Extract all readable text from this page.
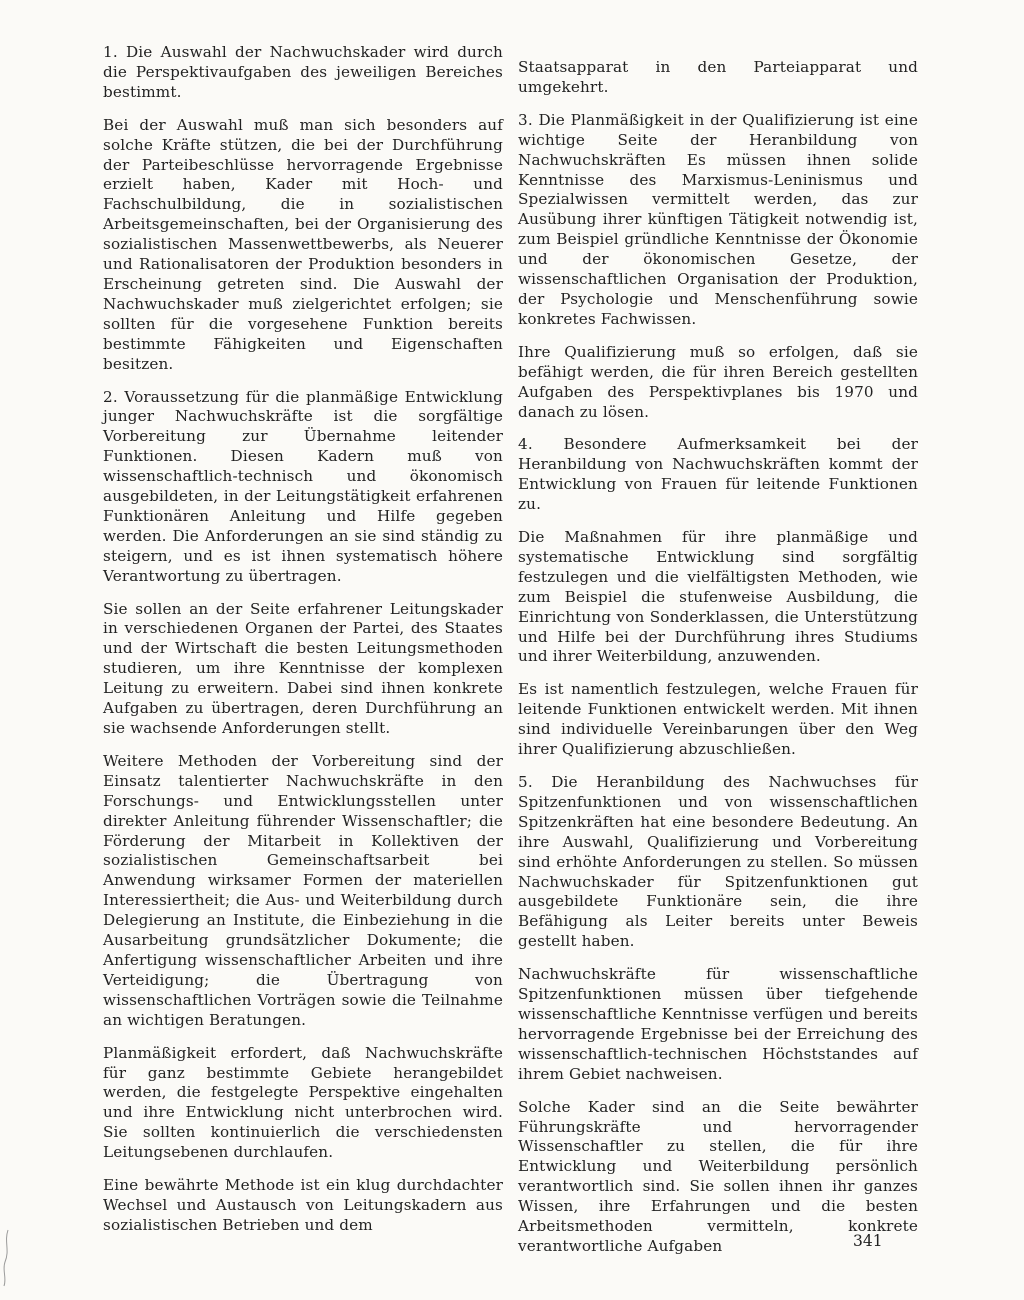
1. Die Auswahl der Nachwuchskader wird durch die Perspektivaufgaben des jeweiligen Bereiches bestimmt.

Bei der Auswahl muß man sich besonders auf solche Kräfte stützen, die bei der Durchführung der Parteibeschlüsse hervorragende Ergebnisse erzielt haben, Kader mit Hoch- und Fachschulbildung, die in sozialistischen Arbeitsgemeinschaften, bei der Organisierung des sozialistischen Massenwettbewerbs, als Neuerer und Rationalisatoren der Produktion besonders in Erscheinung getreten sind. Die Auswahl der Nachwuchskader muß zielgerichtet erfolgen; sie sollten für die vorgesehene Funktion bereits bestimmte Fähigkeiten und Eigenschaften besitzen.

2. Voraussetzung für die planmäßige Entwicklung junger Nachwuchskräfte ist die sorgfältige Vorbereitung zur Übernahme leitender Funktionen. Diesen Kadern muß von wissenschaftlich-technisch und ökonomisch ausgebildeten, in der Leitungstätigkeit erfahrenen Funktionären Anleitung und Hilfe gegeben werden. Die Anforderungen an sie sind ständig zu steigern, und es ist ihnen systematisch höhere Verantwortung zu übertragen.

Sie sollen an der Seite erfahrener Leitungskader in verschiedenen Organen der Partei, des Staates und der Wirtschaft die besten Leitungsmethoden studieren, um ihre Kenntnisse der komplexen Leitung zu erweitern. Dabei sind ihnen konkrete Aufgaben zu übertragen, deren Durchführung an sie wachsende Anforderungen stellt.

Weitere Methoden der Vorbereitung sind der Einsatz talentierter Nachwuchskräfte in den Forschungs- und Entwicklungsstellen unter direkter Anleitung führender Wissenschaftler; die Förderung der Mitarbeit in Kollektiven der sozialistischen Gemeinschaftsarbeit bei Anwendung wirksamer Formen der materiellen Interessiertheit; die Aus- und Weiterbildung durch Delegierung an Institute, die Einbeziehung in die Ausarbeitung grundsätzlicher Dokumente; die Anfertigung wissenschaftlicher Arbeiten und ihre Verteidigung; die Übertragung von wissenschaftlichen Vorträgen sowie die Teilnahme an wichtigen Beratungen.

Planmäßigkeit erfordert, daß Nachwuchskräfte für ganz bestimmte Gebiete herangebildet werden, die festgelegte Perspektive eingehalten und ihre Entwicklung nicht unterbrochen wird. Sie sollten kontinuierlich die verschiedensten Leitungsebenen durchlaufen.

Eine bewährte Methode ist ein klug durchdachter Wechsel und Austausch von Leitungskadern aus sozialistischen Betrieben und dem

Staatsapparat in den Parteiapparat und umgekehrt.

3. Die Planmäßigkeit in der Qualifizierung ist eine wichtige Seite der Heranbildung von Nachwuchskräften Es müssen ihnen solide Kenntnisse des Marxismus-Leninismus und Spezialwissen vermittelt werden, das zur Ausübung ihrer künftigen Tätigkeit notwendig ist, zum Beispiel gründliche Kenntnisse der Ökonomie und der ökonomischen Gesetze, der wissenschaftlichen Organisation der Produktion, der Psychologie und Menschenführung sowie konkretes Fachwissen.

Ihre Qualifizierung muß so erfolgen, daß sie befähigt werden, die für ihren Bereich gestellten Aufgaben des Perspektivplanes bis 1970 und danach zu lösen.

4. Besondere Aufmerksamkeit bei der Heranbildung von Nachwuchskräften kommt der Entwicklung von Frauen für leitende Funktionen zu.

Die Maßnahmen für ihre planmäßige und systematische Entwicklung sind sorgfältig festzulegen und die vielfältigsten Methoden, wie zum Beispiel die stufenweise Ausbildung, die Einrichtung von Sonderklassen, die Unterstützung und Hilfe bei der Durchführung ihres Studiums und ihrer Weiterbildung, anzuwenden.

Es ist namentlich festzulegen, welche Frauen für leitende Funktionen entwickelt werden. Mit ihnen sind individuelle Vereinbarungen über den Weg ihrer Qualifizierung abzuschließen.

5. Die Heranbildung des Nachwuchses für Spitzenfunktionen und von wissenschaftlichen Spitzenkräften hat eine besondere Bedeutung. An ihre Auswahl, Qualifizierung und Vorbereitung sind erhöhte Anforderungen zu stellen. So müssen Nachwuchskader für Spitzenfunktionen gut ausgebildete Funktionäre sein, die ihre Befähigung als Leiter bereits unter Beweis gestellt haben.

Nachwuchskräfte für wissenschaftliche Spitzenfunktionen müssen über tiefgehende wissenschaftliche Kenntnisse verfügen und bereits hervorragende Ergebnisse bei der Erreichung des wissenschaftlich-technischen Höchststandes auf ihrem Gebiet nachweisen.

Solche Kader sind an die Seite bewährter Führungskräfte und hervorragender Wissenschaftler zu stellen, die für ihre Entwicklung und Weiterbildung persönlich verantwortlich sind. Sie sollen ihnen ihr ganzes Wissen, ihre Erfahrungen und die besten Arbeitsmethoden vermitteln, konkrete verantwortliche Aufgaben	341
